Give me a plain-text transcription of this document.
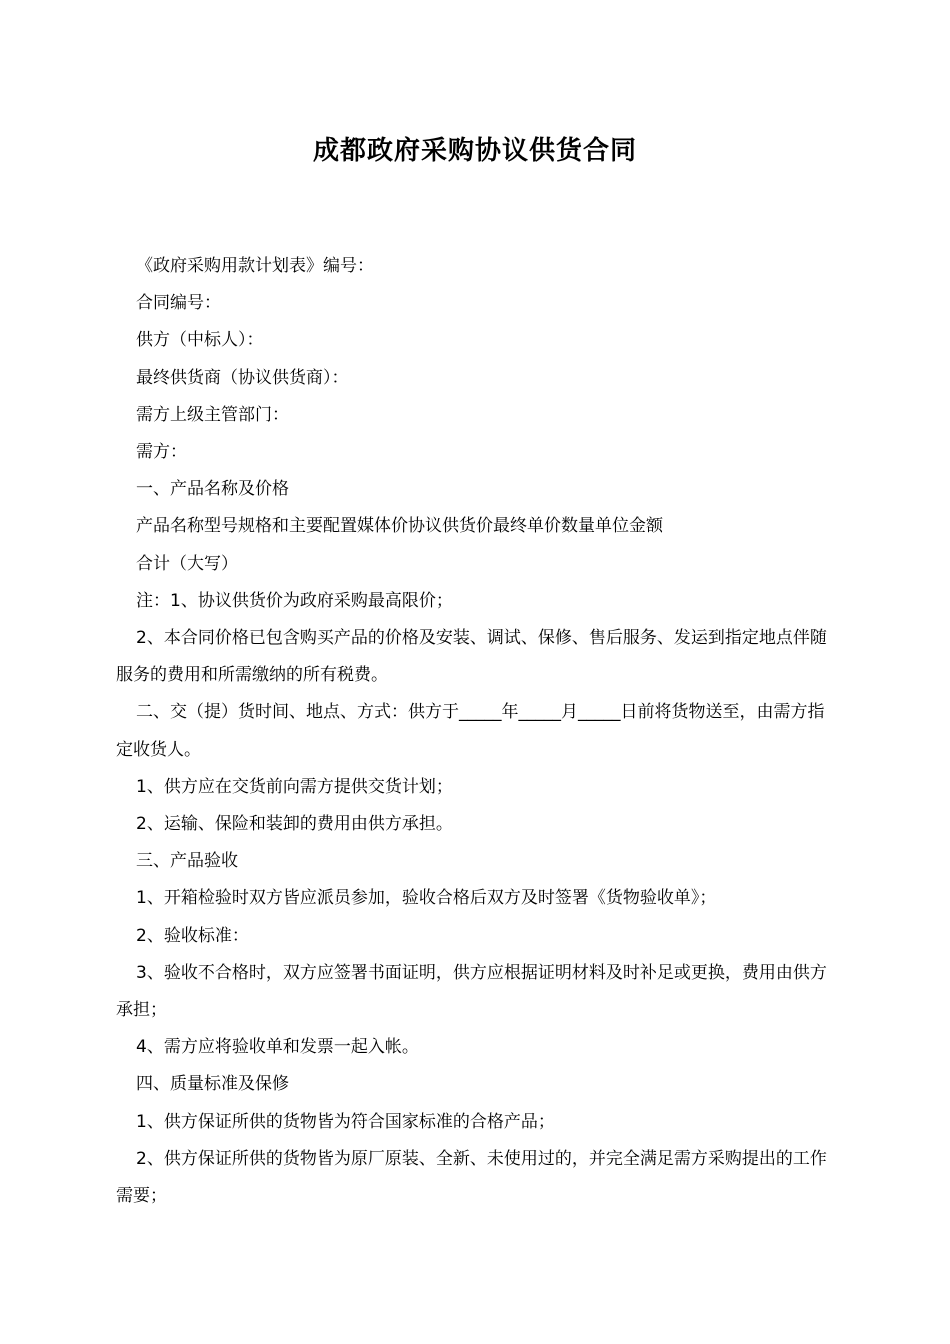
成都政府采购协议供货合同

《政府采购用款计划表》编号：

合同编号：

供方（中标人）：

最终供货商（协议供货商）：

需方上级主管部门：

需方：

一、产品名称及价格

产品名称型号规格和主要配置媒体价协议供货价最终单价数量单位金额

合计（大写）

注：1、协议供货价为政府采购最高限价；

2、本合同价格已包含购买产品的价格及安装、调试、保修、售后服务、发运到指定地点伴随服务的费用和所需缴纳的所有税费。

二、交（提）货时间、地点、方式：供方于_____年_____月_____日前将货物送至，由需方指定收货人。

1、供方应在交货前向需方提供交货计划；

2、运输、保险和装卸的费用由供方承担。

三、产品验收

1、开箱检验时双方皆应派员参加，验收合格后双方及时签署《货物验收单》；

2、验收标准：

3、验收不合格时，双方应签署书面证明，供方应根据证明材料及时补足或更换，费用由供方承担；

4、需方应将验收单和发票一起入帐。

四、质量标准及保修

1、供方保证所供的货物皆为符合国家标准的合格产品；

2、供方保证所供的货物皆为原厂原装、全新、未使用过的，并完全满足需方采购提出的工作需要；
